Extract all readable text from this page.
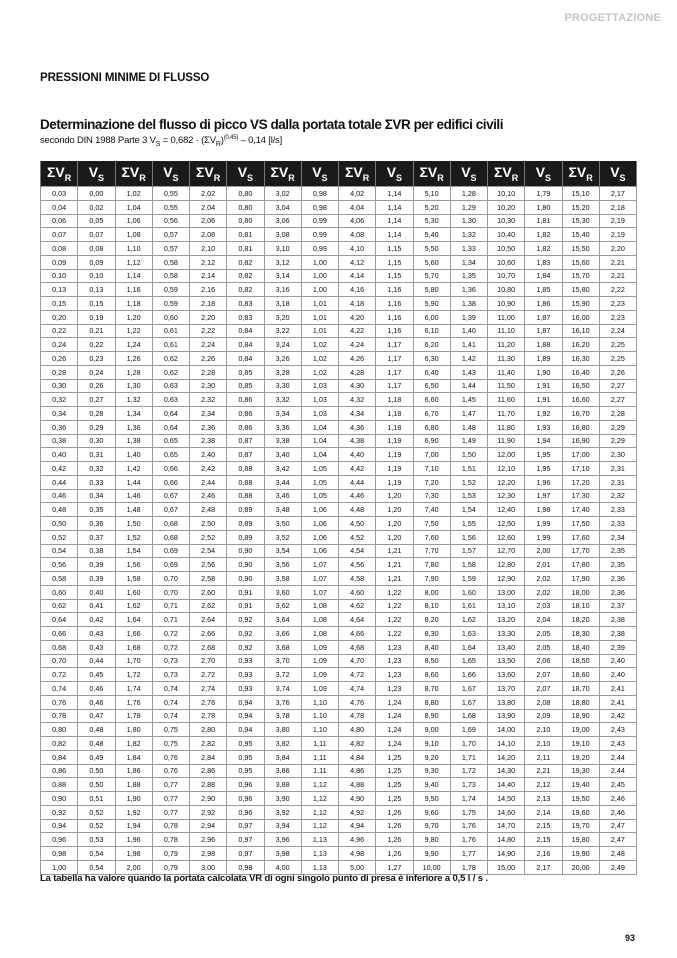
PROGETTAZIONE
PRESSIONI MINIME DI FLUSSO
Determinazione del flusso di picco VS dalla portata totale ΣVR per edifici civili
secondo DIN 1988 Parte 3 $V_S = 0,682 \cdot (\Sigma V_R)^{(0,45)} - 0,14$ [l/s]
$\Sigma V_R$	$V_S$	$\Sigma V_R$	$V_S$	$\Sigma V_R$	$V_S$	$\Sigma V_R$	$V_S$	$\Sigma V_R$	$V_S$	$\Sigma V_R$	$V_S$	$\Sigma V_R$	$V_S$	$\Sigma V_R$	$V_S$
0,03	0,00	1,02	0,55	2,02	0,80	3,02	0,98	4,02	1,14	5,10	1,28	10,10	1,79	15,10	2,17
0,04	0,02	1,04	0,55	2,04	0,80	3,04	0,98	4,04	1,14	5,20	1,29	10,20	1,80	15,20	2,18
0,06	0,05	1,06	0,56	2,06	0,80	3,06	0,99	4,06	1,14	5,30	1,30	10,30	1,81	15,30	2,19
0,07	0,07	1,08	0,57	2,08	0,81	3,08	0,99	4,08	1,14	5,40	1,32	10,40	1,82	15,40	2,19
0,08	0,08	1,10	0,57	2,10	0,81	3,10	0,99	4,10	1,15	5,50	1,33	10,50	1,82	15,50	2,20
0,09	0,09	1,12	0,58	2,12	0,82	3,12	1,00	4,12	1,15	5,60	1,34	10,60	1,83	15,60	2,21
0,10	0,10	1,14	0,58	2,14	0,82	3,14	1,00	4,14	1,15	5,70	1,35	10,70	1,84	15,70	2,21
0,13	0,13	1,16	0,59	2,16	0,82	3,16	1,00	4,16	1,16	5,80	1,36	10,80	1,85	15,80	2,22
0,15	0,15	1,18	0,59	2,18	0,83	3,18	1,01	4,18	1,16	5,90	1,38	10,90	1,86	15,90	2,23
0,20	0,19	1,20	0,60	2,20	0,83	3,20	1,01	4,20	1,16	6,00	1,39	11,00	1,87	16,00	2,23
0,22	0,21	1,22	0,61	2,22	0,84	3,22	1,01	4,22	1,16	6,10	1,40	11,10	1,87	16,10	2,24
0,24	0,22	1,24	0,61	2,24	0,84	3,24	1,02	4,24	1,17	6,20	1,41	11,20	1,88	16,20	2,25
0,26	0,23	1,26	0,62	2,26	0,84	3,26	1,02	4,26	1,17	6,30	1,42	11,30	1,89	16,30	2,25
0,28	0,24	1,28	0,62	2,28	0,85	3,28	1,02	4,28	1,17	6,40	1,43	11,40	1,90	16,40	2,26
0,30	0,26	1,30	0,63	2,30	0,85	3,30	1,03	4,30	1,17	6,50	1,44	11,50	1,91	16,50	2,27
0,32	0,27	1,32	0,63	2,32	0,86	3,32	1,03	4,32	1,18	6,60	1,45	11,60	1,91	16,60	2,27
0,34	0,28	1,34	0,64	2,34	0,86	3,34	1,03	4,34	1,18	6,70	1,47	11,70	1,92	16,70	2,28
0,36	0,29	1,36	0,64	2,36	0,86	3,36	1,04	4,36	1,18	6,80	1,48	11,80	1,93	16,80	2,29
0,38	0,30	1,38	0,65	2,38	0,87	3,38	1,04	4,38	1,19	6,90	1,49	11,90	1,94	16,90	2,29
0,40	0,31	1,40	0,65	2,40	0,87	3,40	1,04	4,40	1,19	7,00	1,50	12,00	1,95	17,00	2,30
0,42	0,32	1,42	0,66	2,42	0,88	3,42	1,05	4,42	1,19	7,10	1,51	12,10	1,95	17,10	2,31
0,44	0,33	1,44	0,66	2,44	0,88	3,44	1,05	4,44	1,19	7,20	1,52	12,20	1,96	17,20	2,31
0,46	0,34	1,46	0,67	2,46	0,88	3,46	1,05	4,46	1,20	7,30	1,53	12,30	1,97	17,30	2,32
0,48	0,35	1,48	0,67	2,48	0,89	3,48	1,06	4,48	1,20	7,40	1,54	12,40	1,98	17,40	2,33
0,50	0,36	1,50	0,68	2,50	0,89	3,50	1,06	4,50	1,20	7,50	1,55	12,50	1,99	17,50	2,33
0,52	0,37	1,52	0,68	2,52	0,89	3,52	1,06	4,52	1,20	7,60	1,56	12,60	1,99	17,60	2,34
0,54	0,38	1,54	0,69	2,54	0,90	3,54	1,06	4,54	1,21	7,70	1,57	12,70	2,00	17,70	2,35
0,56	0,39	1,56	0,69	2,56	0,90	3,56	1,07	4,56	1,21	7,80	1,58	12,80	2,01	17,80	2,35
0,58	0,39	1,58	0,70	2,58	0,90	3,58	1,07	4,58	1,21	7,90	1,59	12,90	2,02	17,90	2,36
0,60	0,40	1,60	0,70	2,60	0,91	3,60	1,07	4,60	1,22	8,00	1,60	13,00	2,02	18,00	2,36
0,62	0,41	1,62	0,71	2,62	0,91	3,62	1,08	4,62	1,22	8,10	1,61	13,10	2,03	18,10	2,37
0,64	0,42	1,64	0,71	2,64	0,92	3,64	1,08	4,64	1,22	8,20	1,62	13,20	2,04	18,20	2,38
0,66	0,43	1,66	0,72	2,66	0,92	3,66	1,08	4,66	1,22	8,30	1,63	13,30	2,05	18,30	2,38
0,68	0,43	1,68	0,72	2,68	0,92	3,68	1,09	4,68	1,23	8,40	1,64	13,40	2,05	18,40	2,39
0,70	0,44	1,70	0,73	2,70	0,93	3,70	1,09	4,70	1,23	8,50	1,65	13,50	2,06	18,50	2,40
0,72	0,45	1,72	0,73	2,72	0,93	3,72	1,09	4,72	1,23	8,60	1,66	13,60	2,07	18,60	2,40
0,74	0,46	1,74	0,74	2,74	0,93	3,74	1,09	4,74	1,23	8,70	1,67	13,70	2,07	18,70	2,41
0,76	0,46	1,76	0,74	2,76	0,94	3,76	1,10	4,76	1,24	8,80	1,67	13,80	2,08	18,80	2,41
0,78	0,47	1,78	0,74	2,78	0,94	3,78	1,10	4,78	1,24	8,90	1,68	13,90	2,09	18,90	2,42
0,80	0,48	1,80	0,75	2,80	0,94	3,80	1,10	4,80	1,24	9,00	1,69	14,00	2,10	19,00	2,43
0,82	0,48	1,82	0,75	2,82	0,95	3,82	1,11	4,82	1,24	9,10	1,70	14,10	2,10	19,10	2,43
0,84	0,49	1,84	0,76	2,84	0,95	3,84	1,11	4,84	1,25	9,20	1,71	14,20	2,11	19,20	2,44
0,86	0,50	1,86	0,76	2,86	0,95	3,86	1,11	4,86	1,25	9,30	1,72	14,30	2,21	19,30	2,44
0,88	0,50	1,88	0,77	2,88	0,96	3,88	1,12	4,88	1,25	9,40	1,73	14,40	2,12	19,40	2,45
0,90	0,51	1,90	0,77	2,90	0,96	3,90	1,12	4,90	1,25	9,50	1,74	14,50	2,13	19,50	2,46
0,92	0,52	1,92	0,77	2,92	0,96	3,92	1,12	4,92	1,26	9,60	1,75	14,60	2,14	19,60	2,46
0,94	0,52	1,94	0,78	2,94	0,97	3,94	1,12	4,94	1,26	9,70	1,76	14,70	2,15	19,70	2,47
0,96	0,53	1,96	0,78	2,96	0,97	3,96	1,13	4,96	1,26	9,80	1,76	14,80	2,15	19,80	2,47
0,98	0,54	1,98	0,79	2,98	0,97	3,98	1,13	4,98	1,26	9,90	1,77	14,90	2,16	19,90	2,48
1,00	0,54	2,00	0,79	3,00	0,98	4,00	1,13	5,00	1,27	10,00	1,78	15,00	2,17	20,00	2,49
La tabella ha valore quando la portata calcolata VR di ogni singolo punto di presa è inferiore a 0,5 l / s .
93
